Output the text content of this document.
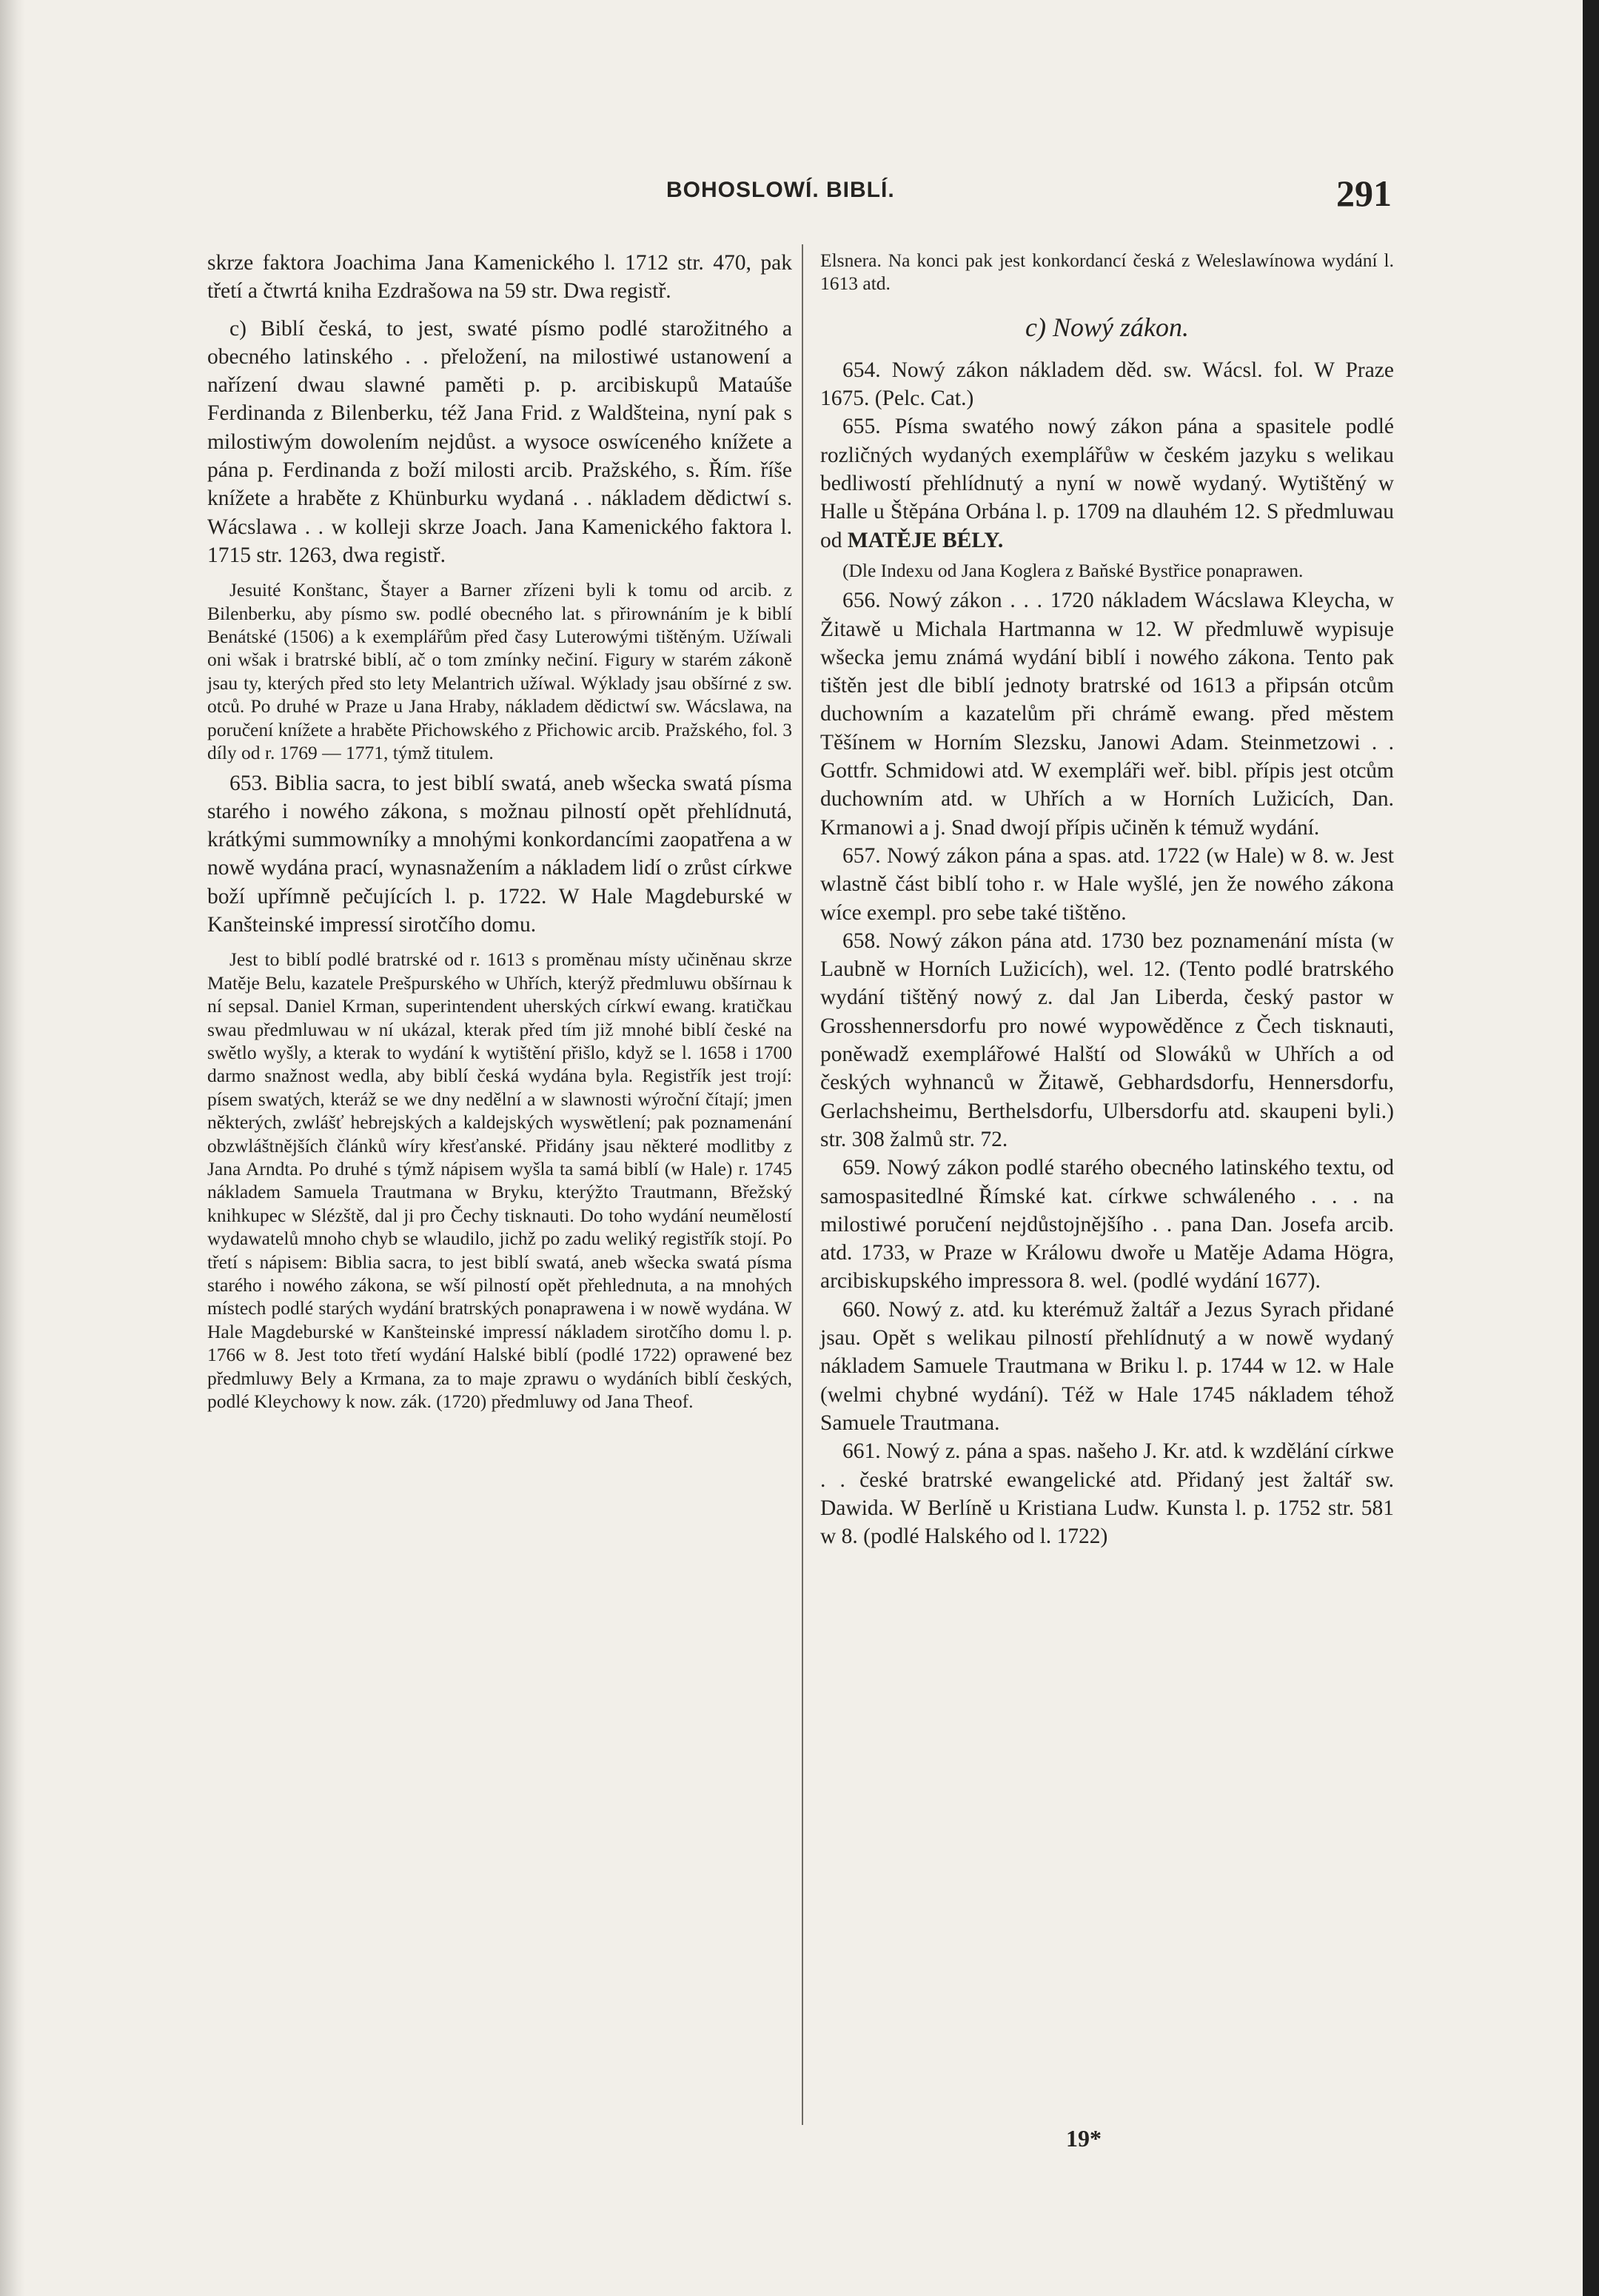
BOHOSLOWÍ. BIBLÍ.	291

skrze faktora Joachima Jana Kamenického l. 1712 str. 470, pak třetí a čtwrtá kniha Ezdrašowa na 59 str. Dwa registř.

c) Biblí česká, to jest, swaté písmo podlé starožitného a obecného latinského . . přeložení, na milostiwé ustanowení a nařízení dwau slawné paměti p. p. arcibiskupů Mataúše Ferdinanda z Bilenberku, též Jana Frid. z Waldšteina, nyní pak s milostiwým dowolením nejdůst. a wysoce oswíceného knížete a pána p. Ferdinanda z boží milosti arcib. Pražského, s. Řím. říše knížete a hraběte z Khünburku wydaná . . nákladem dědictwí s. Wácslawa . . w kolleji skrze Joach. Jana Kamenického faktora l. 1715 str. 1263, dwa registř.

Jesuité Konštanc, Štayer a Barner zřízeni byli k tomu od arcib. z Bilenberku, aby písmo sw. podlé obecného lat. s přirownáním je k biblí Benátské (1506) a k exemplářům před časy Luterowými tištěným. Užíwali oni wšak i bratrské biblí, ač o tom zmínky nečiní. Figury w starém zákoně jsau ty, kterých před sto lety Melantrich užíwal. Wýklady jsau obšírné z sw. otců. Po druhé w Praze u Jana Hraby, nákladem dědictwí sw. Wácslawa, na poručení knížete a hraběte Přichowského z Přichowic arcib. Pražského, fol. 3 díly od r. 1769 — 1771, týmž titulem.

653. Biblia sacra, to jest biblí swatá, aneb wšecka swatá písma starého i nowého zákona, s možnau pilností opět přehlídnutá, krátkými summowníky a mnohými konkordancími zaopatřena a w nowě wydána prací, wynasnažením a nákladem lidí o zrůst církwe boží upřímně pečujících l. p. 1722. W Hale Magdeburské w Kanšteinské impressí sirotčího domu.

Jest to biblí podlé bratrské od r. 1613 s proměnau místy učiněnau skrze Matěje Belu, kazatele Prešpurského w Uhřích, kterýž předmluwu obšírnau k ní sepsal. Daniel Krman, superintendent uherských církwí ewang. kratičkau swau předmluwau w ní ukázal, kterak před tím již mnohé biblí české na swětlo wyšly, a kterak to wydání k wytištění přišlo, když se l. 1658 i 1700 darmo snažnost wedla, aby biblí česká wydána byla. Registřík jest trojí: písem swatých, kteráž se we dny nedělní a w slawnosti wýroční čítají; jmen některých, zwlášť hebrejských a kaldejských wyswětlení; pak poznamenání obzwláštnějších článků wíry křesťanské. Přidány jsau některé modlitby z Jana Arndta. Po druhé s týmž nápisem wyšla ta samá biblí (w Hale) r. 1745 nákladem Samuela Trautmana w Bryku, kterýžto Trautmann, Břežský knihkupec w Slézště, dal ji pro Čechy tisknauti. Do toho wydání neumělostí wydawatelů mnoho chyb se wlaudilo, jichž po zadu weliký registřík stojí. Po třetí s nápisem: Biblia sacra, to jest biblí swatá, aneb wšecka swatá písma starého i nowého zákona, se wší pilností opět přehlednuta, a na mnohých místech podlé starých wydání bratrských ponaprawena i w nowě wydána. W Hale Magdeburské w Kanšteinské impressí nákladem sirotčího domu l. p. 1766 w 8. Jest toto třetí wydání Halské biblí (podlé 1722) oprawené bez předmluwy Bely a Krmana, za to maje zprawu o wydáních biblí českých, podlé Kleychowy k now. zák. (1720) předmluwy od Jana Theof.

Elsnera. Na konci pak jest konkordancí česká z Weleslawínowa wydání l. 1613 atd.

c) Nowý zákon.

654. Nowý zákon nákladem děd. sw. Wácsl. fol. W Praze 1675. (Pelc. Cat.)

655. Písma swatého nowý zákon pána a spasitele podlé rozličných wydaných exemplářůw w českém jazyku s welikau bedliwostí přehlídnutý a nyní w nowě wydaný. Wytištěný w Halle u Štěpána Orbána l. p. 1709 na dlauhém 12. S předmluwau od MATĚJE BÉLY.

(Dle Indexu od Jana Koglera z Baňské Bystřice ponaprawen.

656. Nowý zákon . . . 1720 nákladem Wácslawa Kleycha, w Žitawě u Michala Hartmanna w 12. W předmluwě wypisuje wšecka jemu známá wydání biblí i nowého zákona. Tento pak tištěn jest dle biblí jednoty bratrské od 1613 a připsán otcům duchowním a kazatelům při chrámě ewang. před městem Těšínem w Horním Slezsku, Janowi Adam. Steinmetzowi . . Gottfr. Schmidowi atd. W exempláři weř. bibl. přípis jest otcům duchowním atd. w Uhřích a w Horních Lužicích, Dan. Krmanowi a j. Snad dwojí přípis učiněn k témuž wydání.

657. Nowý zákon pána a spas. atd. 1722 (w Hale) w 8. w. Jest wlastně část biblí toho r. w Hale wyšlé, jen že nowého zákona wíce exempl. pro sebe také tištěno.

658. Nowý zákon pána atd. 1730 bez poznamenání místa (w Laubně w Horních Lužicích), wel. 12. (Tento podlé bratrského wydání tištěný nowý z. dal Jan Liberda, český pastor w Grosshennersdorfu pro nowé wypowěděnce z Čech tisknauti, poněwadž exemplářowé Halští od Slowáků w Uhřích a od českých wyhnanců w Žitawě, Gebhardsdorfu, Hennersdorfu, Gerlachsheimu, Berthelsdorfu, Ulbersdorfu atd. skaupeni byli.) str. 308 žalmů str. 72.

659. Nowý zákon podlé starého obecného latinského textu, od samospasitedlné Římské kat. církwe schwáleného . . . na milostiwé poručení nejdůstojnějšího . . pana Dan. Josefa arcib. atd. 1733, w Praze w Králowu dwoře u Matěje Adama Högra, arcibiskupského impressora 8. wel. (podlé wydání 1677).

660. Nowý z. atd. ku kterémuž žaltář a Jezus Syrach přidané jsau. Opět s welikau pilností přehlídnutý a w nowě wydaný nákladem Samuele Trautmana w Briku l. p. 1744 w 12. w Hale (welmi chybné wydání). Též w Hale 1745 nákladem téhož Samuele Trautmana.

661. Nowý z. pána a spas. našeho J. Kr. atd. k wzdělání církwe . . české bratrské ewangelické atd. Přidaný jest žaltář sw. Dawida. W Berlíně u Kristiana Ludw. Kunsta l. p. 1752 str. 581 w 8. (podlé Halského od l. 1722)

19*
